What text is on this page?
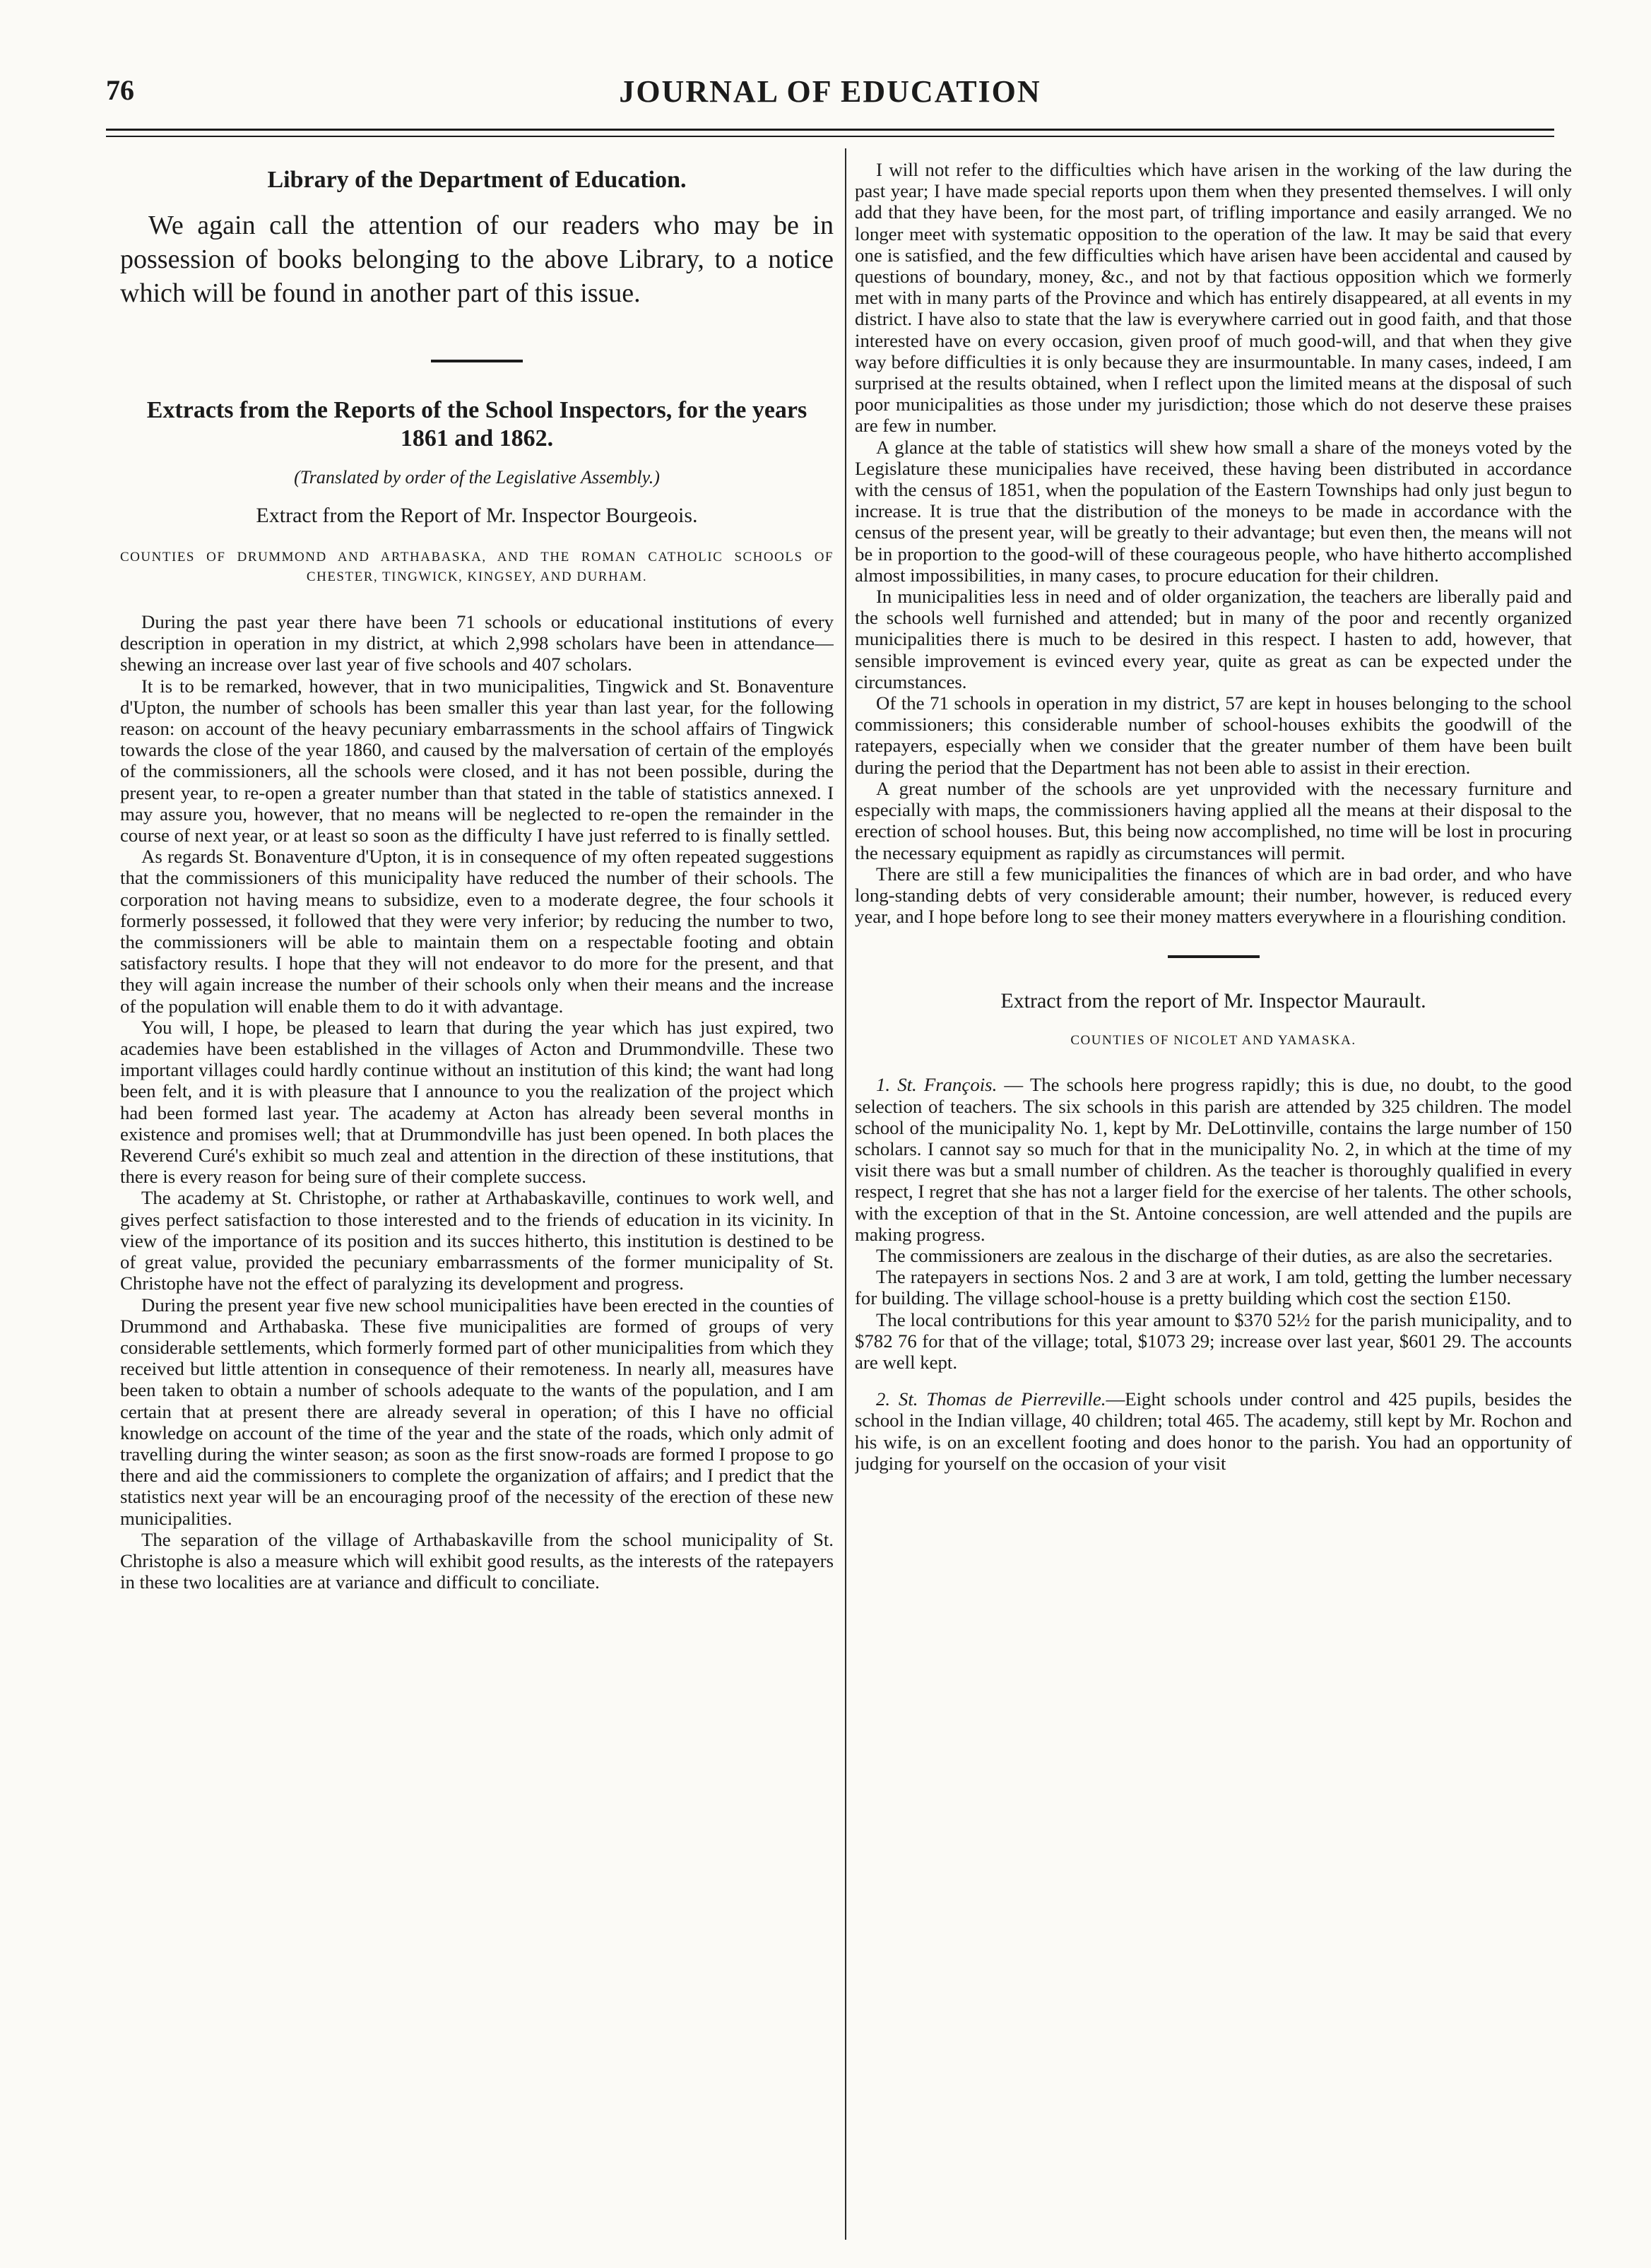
JOURNAL OF EDUCATION
76
Library of the Department of Education.

We again call the attention of our readers who may be in possession of books belonging to the above Library, to a notice which will be found in another part of this issue.

Extracts from the Reports of the School Inspectors, for the years 1861 and 1862.
(Translated by order of the Legislative Assembly.)
Extract from the Report of Mr. Inspector Bourgeois.
COUNTIES OF DRUMMOND AND ARTHABASKA, AND THE ROMAN CATHOLIC SCHOOLS OF CHESTER, TINGWICK, KINGSEY, AND DURHAM.

During the past year there have been 71 schools or educational institutions of every description in operation in my district, at which 2,998 scholars have been in attendance—shewing an increase over last year of five schools and 407 scholars.

It is to be remarked, however, that in two municipalities, Tingwick and St. Bonaventure d'Upton, the number of schools has been smaller this year than last year, for the following reason: on account of the heavy pecuniary embarrassments in the school affairs of Tingwick towards the close of the year 1860, and caused by the malversation of certain of the employés of the commissioners, all the schools were closed, and it has not been possible, during the present year, to re-open a greater number than that stated in the table of statistics annexed. I may assure you, however, that no means will be neglected to re-open the remainder in the course of next year, or at least so soon as the difficulty I have just referred to is finally settled.

As regards St. Bonaventure d'Upton, it is in consequence of my often repeated suggestions that the commissioners of this municipality have reduced the number of their schools. The corporation not having means to subsidize, even to a moderate degree, the four schools it formerly possessed, it followed that they were very inferior; by reducing the number to two, the commissioners will be able to maintain them on a respectable footing and obtain satisfactory results. I hope that they will not endeavor to do more for the present, and that they will again increase the number of their schools only when their means and the increase of the population will enable them to do it with advantage.

You will, I hope, be pleased to learn that during the year which has just expired, two academies have been established in the villages of Acton and Drummondville. These two important villages could hardly continue without an institution of this kind; the want had long been felt, and it is with pleasure that I announce to you the realization of the project which had been formed last year. The academy at Acton has already been several months in existence and promises well; that at Drummondville has just been opened. In both places the Reverend Curé's exhibit so much zeal and attention in the direction of these institutions, that there is every reason for being sure of their complete success.

The academy at St. Christophe, or rather at Arthabaskaville, continues to work well, and gives perfect satisfaction to those interested and to the friends of education in its vicinity. In view of the importance of its position and its succes hitherto, this institution is destined to be of great value, provided the pecuniary embarrassments of the former municipality of St. Christophe have not the effect of paralyzing its development and progress.

During the present year five new school municipalities have been erected in the counties of Drummond and Arthabaska. These five municipalities are formed of groups of very considerable settlements, which formerly formed part of other municipalities from which they received but little attention in consequence of their remoteness. In nearly all, measures have been taken to obtain a number of schools adequate to the wants of the population, and I am certain that at present there are already several in operation; of this I have no official knowledge on account of the time of the year and the state of the roads, which only admit of travelling during the winter season; as soon as the first snow-roads are formed I propose to go there and aid the commissioners to complete the organization of affairs; and I predict that the statistics next year will be an encouraging proof of the necessity of the erection of these new municipalities.

The separation of the village of Arthabaskaville from the school municipality of St. Christophe is also a measure which will exhibit good results, as the interests of the ratepayers in these two localities are at variance and difficult to conciliate.

I will not refer to the difficulties which have arisen in the working of the law during the past year; I have made special reports upon them when they presented themselves. I will only add that they have been, for the most part, of trifling importance and easily arranged. We no longer meet with systematic opposition to the operation of the law. It may be said that every one is satisfied, and the few difficulties which have arisen have been accidental and caused by questions of boundary, money, &c., and not by that factious opposition which we formerly met with in many parts of the Province and which has entirely disappeared, at all events in my district. I have also to state that the law is everywhere carried out in good faith, and that those interested have on every occasion, given proof of much good-will, and that when they give way before difficulties it is only because they are insurmountable. In many cases, indeed, I am surprised at the results obtained, when I reflect upon the limited means at the disposal of such poor municipalities as those under my jurisdiction; those which do not deserve these praises are few in number.

A glance at the table of statistics will shew how small a share of the moneys voted by the Legislature these municipalies have received, these having been distributed in accordance with the census of 1851, when the population of the Eastern Townships had only just begun to increase. It is true that the distribution of the moneys to be made in accordance with the census of the present year, will be greatly to their advantage; but even then, the means will not be in proportion to the good-will of these courageous people, who have hitherto accomplished almost impossibilities, in many cases, to procure education for their children.

In municipalities less in need and of older organization, the teachers are liberally paid and the schools well furnished and attended; but in many of the poor and recently organized municipalities there is much to be desired in this respect. I hasten to add, however, that sensible improvement is evinced every year, quite as great as can be expected under the circumstances.

Of the 71 schools in operation in my district, 57 are kept in houses belonging to the school commissioners; this considerable number of school-houses exhibits the goodwill of the ratepayers, especially when we consider that the greater number of them have been built during the period that the Department has not been able to assist in their erection.

A great number of the schools are yet unprovided with the necessary furniture and especially with maps, the commissioners having applied all the means at their disposal to the erection of school houses. But, this being now accomplished, no time will be lost in procuring the necessary equipment as rapidly as circumstances will permit.

There are still a few municipalities the finances of which are in bad order, and who have long-standing debts of very considerable amount; their number, however, is reduced every year, and I hope before long to see their money matters everywhere in a flourishing condition.

Extract from the report of Mr. Inspector Maurault.
COUNTIES OF NICOLET AND YAMASKA.

1. St. François. — The schools here progress rapidly; this is due, no doubt, to the good selection of teachers. The six schools in this parish are attended by 325 children. The model school of the municipality No. 1, kept by Mr. DeLottinville, contains the large number of 150 scholars. I cannot say so much for that in the municipality No. 2, in which at the time of my visit there was but a small number of children. As the teacher is thoroughly qualified in every respect, I regret that she has not a larger field for the exercise of her talents. The other schools, with the exception of that in the St. Antoine concession, are well attended and the pupils are making progress.

The commissioners are zealous in the discharge of their duties, as are also the secretaries.

The ratepayers in sections Nos. 2 and 3 are at work, I am told, getting the lumber necessary for building. The village school-house is a pretty building which cost the section £150.

The local contributions for this year amount to $370 52½ for the parish municipality, and to $782 76 for that of the village; total, $1073 29; increase over last year, $601 29. The accounts are well kept.

2. St. Thomas de Pierreville.—Eight schools under control and 425 pupils, besides the school in the Indian village, 40 children; total 465. The academy, still kept by Mr. Rochon and his wife, is on an excellent footing and does honor to the parish. You had an opportunity of judging for yourself on the occasion of your visit
